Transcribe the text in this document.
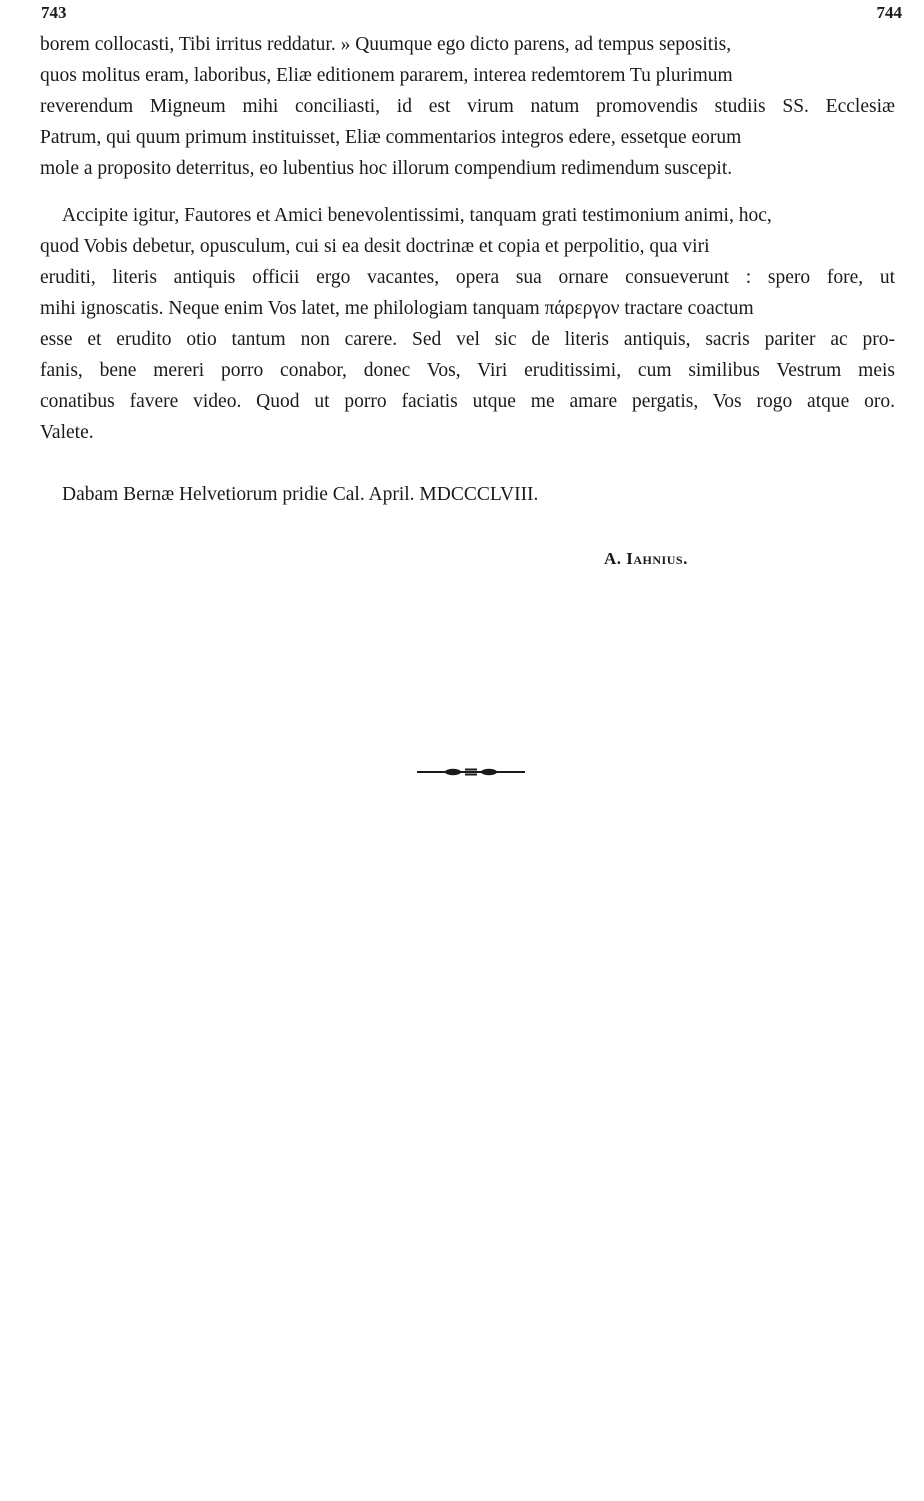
743	744
borem collocasti, Tibi irritus reddatur. » Quumque ego dicto parens, ad tempus sepositis,
quos molitus eram, laboribus, Eliæ editionem pararem, interea redemtorem Tu plurimum
reverendum Migneum mihi conciliasti, id est virum natum promovendis studiis SS. Ecclesiæ
Patrum, qui quum primum instituisset, Eliæ commentarios integros edere, essetque eorum
mole a proposito deterritus, eo lubentius hoc illorum compendium redimendum suscepit.
Accipite igitur, Fautores et Amici benevolentissimi, tanquam grati testimonium animi, hoc,
quod Vobis debetur, opusculum, cui si ea desit doctrinæ et copia et perpolitio, qua viri
eruditi, literis antiquis officii ergo vacantes, opera sua ornare consueverunt : spero fore, ut
mihi ignoscatis. Neque enim Vos latet, me philologiam tanquam πάρεργον tractare coactum
esse et erudito otio tantum non carere. Sed vel sic de literis antiquis, sacris pariter ac pro-
fanis, bene mereri porro conabor, donec Vos, Viri eruditissimi, cum similibus Vestrum meis
conatibus favere video. Quod ut porro faciatis utque me amare pergatis, Vos rogo atque oro.
Valete.

Dabam Bernæ Helvetiorum pridie Cal. April. MDCCCLVIII.

A. Iahnius.
